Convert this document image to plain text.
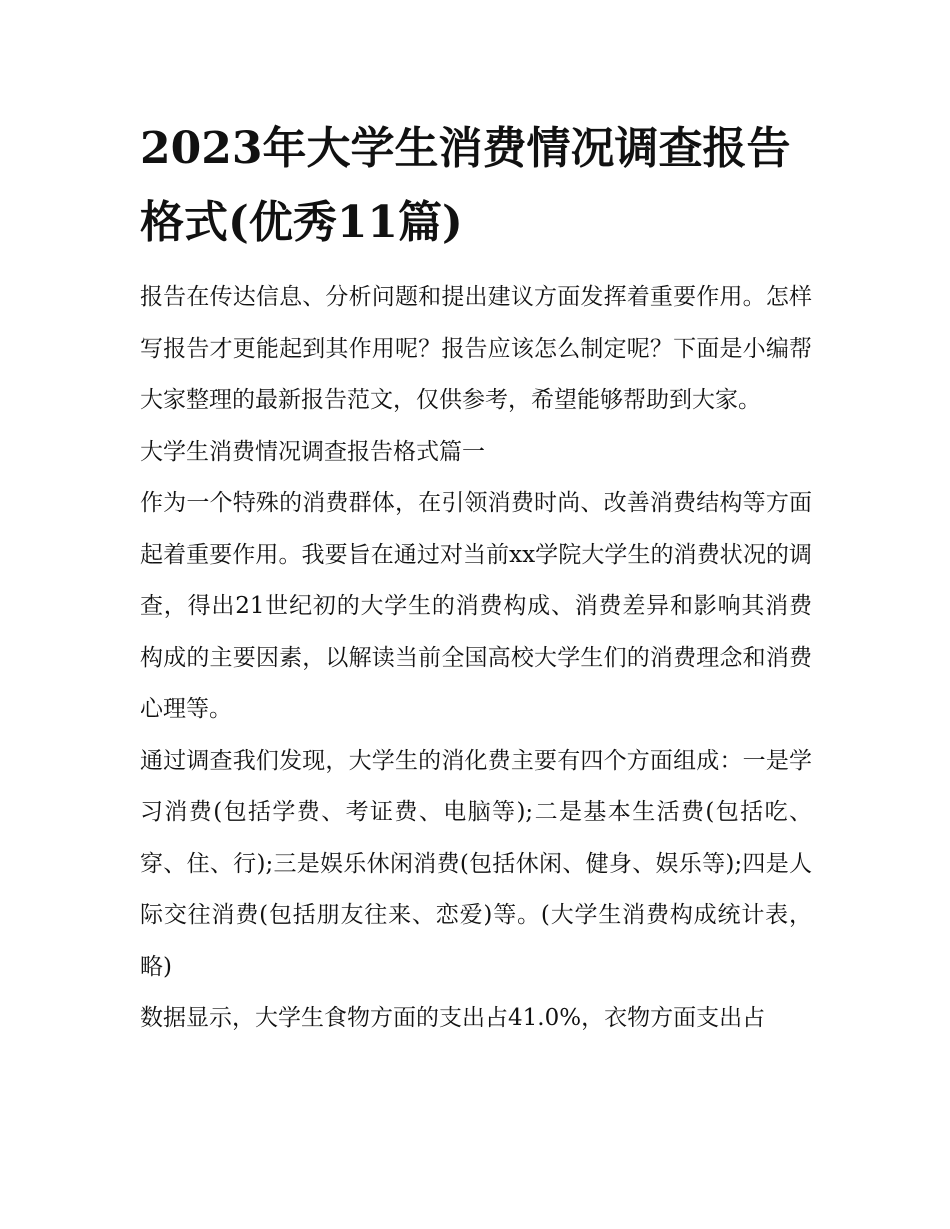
2023年大学生消费情况调查报告格式(优秀11篇)

报告在传达信息、分析问题和提出建议方面发挥着重要作用。怎样写报告才更能起到其作用呢？报告应该怎么制定呢？下面是小编帮大家整理的最新报告范文，仅供参考，希望能够帮助到大家。

大学生消费情况调查报告格式篇一

作为一个特殊的消费群体，在引领消费时尚、改善消费结构等方面起着重要作用。我要旨在通过对当前xx学院大学生的消费状况的调查，得出21世纪初的大学生的消费构成、消费差异和影响其消费构成的主要因素，以解读当前全国高校大学生们的消费理念和消费心理等。

通过调查我们发现，大学生的消化费主要有四个方面组成：一是学习消费(包括学费、考证费、电脑等);二是基本生活费(包括吃、穿、住、行);三是娱乐休闲消费(包括休闲、健身、娱乐等);四是人际交往消费(包括朋友往来、恋爱)等。(大学生消费构成统计表，略)

数据显示，大学生食物方面的支出占41.0%，衣物方面支出占
